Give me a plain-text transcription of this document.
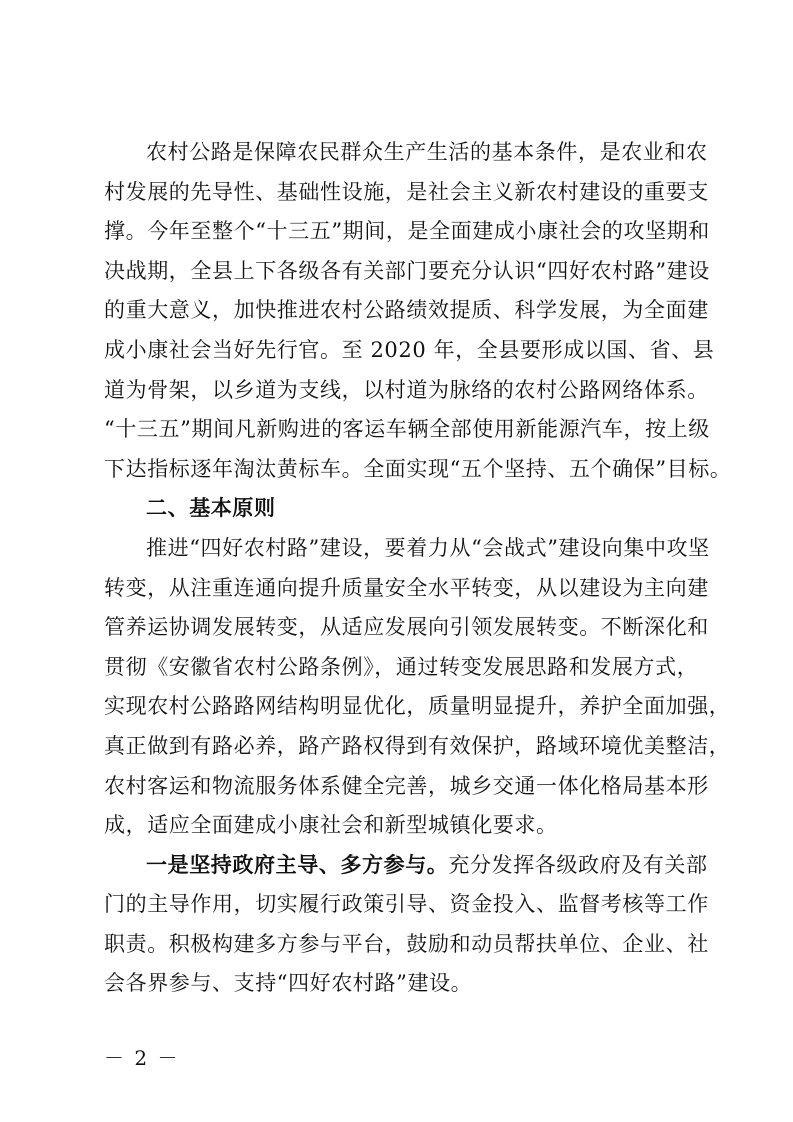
农村公路是保障农民群众生产生活的基本条件，是农业和农
村发展的先导性、基础性设施，是社会主义新农村建设的重要支
撑。今年至整个“十三五”期间，是全面建成小康社会的攻坚期和
决战期，全县上下各级各有关部门要充分认识“四好农村路”建设
的重大意义，加快推进农村公路绩效提质、科学发展，为全面建
成小康社会当好先行官。至 2020 年，全县要形成以国、省、县
道为骨架，以乡道为支线，以村道为脉络的农村公路网络体系。
“十三五”期间凡新购进的客运车辆全部使用新能源汽车，按上级
下达指标逐年淘汰黄标车。全面实现“五个坚持、五个确保”目标。
二、基本原则
推进“四好农村路”建设，要着力从“会战式”建设向集中攻坚
转变，从注重连通向提升质量安全水平转变，从以建设为主向建
管养运协调发展转变，从适应发展向引领发展转变。不断深化和
贯彻《安徽省农村公路条例》，通过转变发展思路和发展方式，
实现农村公路路网结构明显优化，质量明显提升，养护全面加强，
真正做到有路必养，路产路权得到有效保护，路域环境优美整洁，
农村客运和物流服务体系健全完善，城乡交通一体化格局基本形
成，适应全面建成小康社会和新型城镇化要求。
一是坚持政府主导、多方参与。充分发挥各级政府及有关部
门的主导作用，切实履行政策引导、资金投入、监督考核等工作
职责。积极构建多方参与平台，鼓励和动员帮扶单位、企业、社
会各界参与、支持“四好农村路”建设。
－ 2 －
